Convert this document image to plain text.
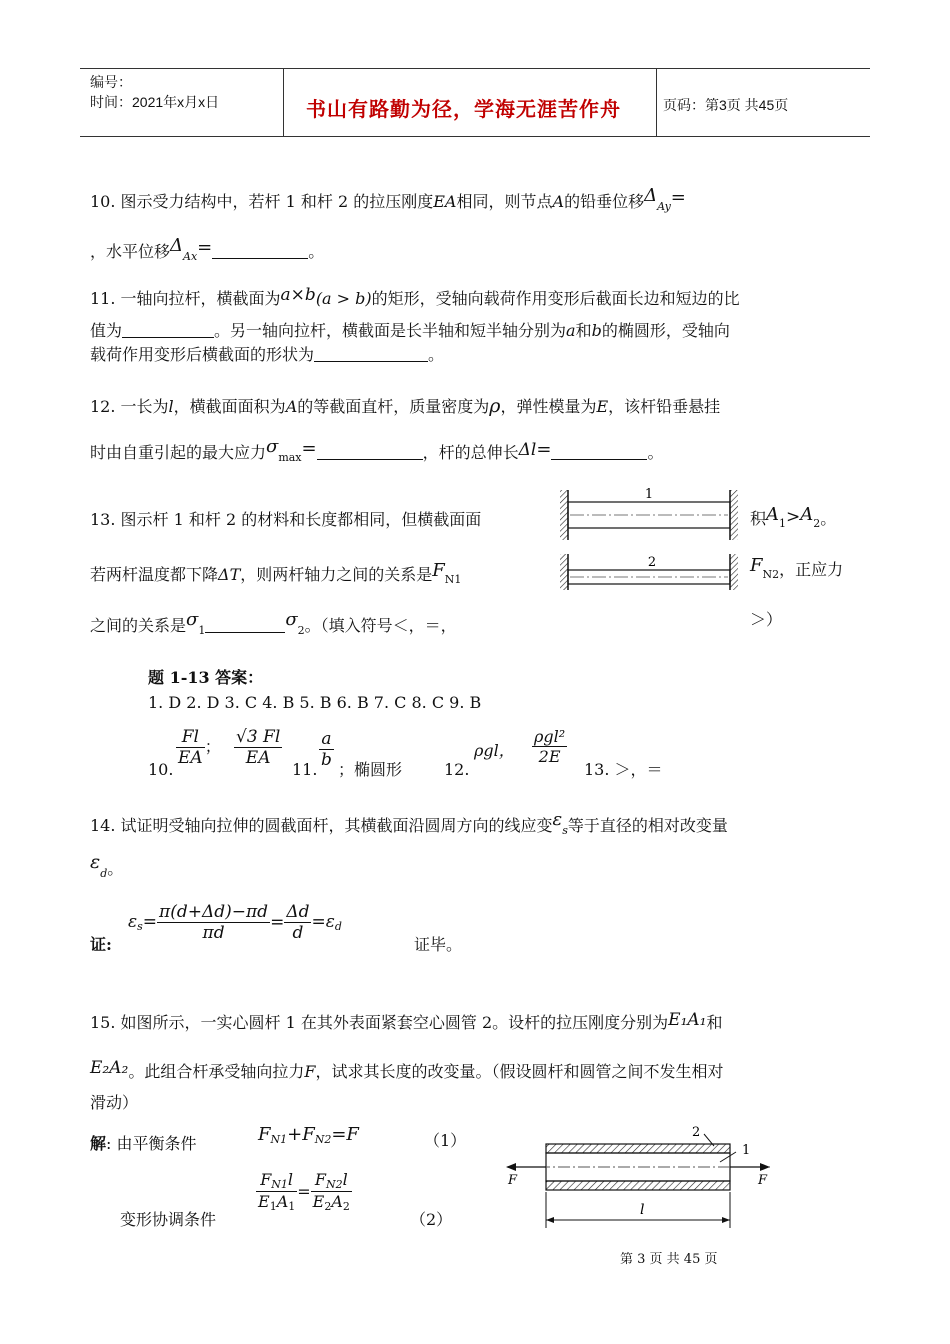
编号：
时间：2021年x月x日	书山有路勤为径，学海无涯苦作舟	页码：第3页 共45页
10. 图示受力结构中，若杆 1 和杆 2 的拉压刚度EA相同，则节点A的铅垂位移ΔAy=
，水平位移ΔAx=	。
11. 一轴向拉杆，横截面为a×b(a > b)的矩形，受轴向载荷作用变形后截面长边和短边的比
值为	。另一轴向拉杆，横截面是长半轴和短半轴分别为a和b的椭圆形，受轴向
载荷作用变形后横截面的形状为	。
12. 一长为l，横截面面积为A的等截面直杆，质量密度为ρ，弹性模量为E，该杆铅垂悬挂
时由自重引起的最大应力$\sigma_{max}=$	，杆的总伸长Δl=	。
13. 图示杆 1 和杆 2 的材料和长度都相同，但横截面面	积$A_1>A_2$。
若两杆温度都下降ΔT，则两杆轴力之间的关系是$F_{N1}$
$F_{N2}$，正应力
之间的关系是$\sigma_1\sigma_2$。（填入符号＜，＝，	＞）
1
2
题 1-13 答案：
1. D 2. D 3. C 4. B 5. B 6. B 7. C 8. C 9. B
10.
$\frac{Fl}{EA}$ ； $\frac{√3 Fl}{EA}$
11. $\frac{a}{b}$ ；椭圆形	12.
ρgl， $\frac{\text{ρgl²}}{2E}$
13. ＞，＝
14. 试证明受轴向拉伸的圆截面杆，其横截面沿圆周方向的线应变εs等于直径的相对改变量
εd。
证:
$\varepsilon s= \frac{\pi(d+\Delta d)-\pi d}{\pi d} = \frac{\Delta d}{d} =\varepsilon d$
证毕。
15. 如图所示，一实心圆杆 1 在其外表面紧套空心圆管 2。设杆的拉压刚度分别为E₁A₁和
E₂A₂。此组合杆承受轴向拉力F，试求其长度的改变量。（假设圆杆和圆管之间不发生相对
滑动）
解: 由平衡条件	FN1+FN2=F	（1）
变形协调条件
$\frac{FN1l}{E_1A_1} = \frac{FN2l}{E_2A_2}$
（2）
F	F
2
1
l
第 3 页 共 45 页
